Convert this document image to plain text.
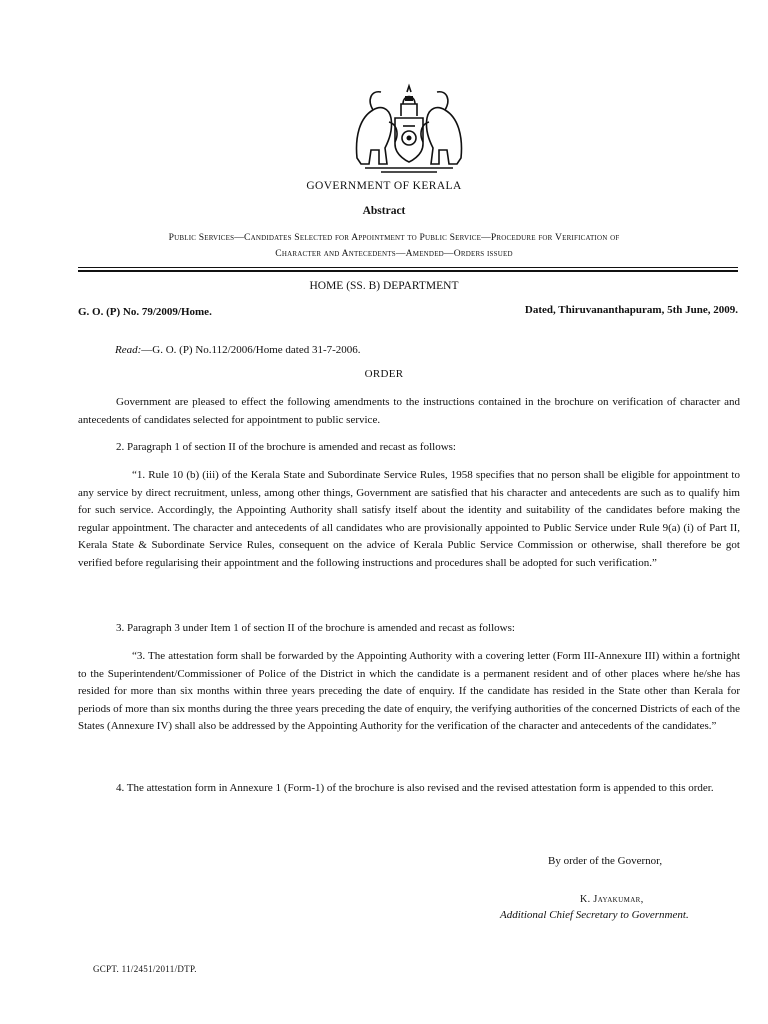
GOVERNMENT OF KERALA
Abstract
Public Services—Candidates Selected for Appointment to Public Service—Procedure for Verification of
Character and Antecedents—Amended—Orders issued
HOME (SS. B) DEPARTMENT
G. O. (P) No. 79/2009/Home.	Dated, Thiruvananthapuram, 5th June, 2009.
Read:—G. O. (P) No.112/2006/Home dated 31-7-2006.
ORDER
Government are pleased to effect the following amendments to the instructions contained in the brochure on verification of character and antecedents of candidates selected for appointment to public service.
2. Paragraph 1 of section II of the brochure is amended and recast as follows:
“1. Rule 10 (b) (iii) of the Kerala State and Subordinate Service Rules, 1958 specifies that no person shall be eligible for appointment to any service by direct recruitment, unless, among other things, Government are satisfied that his character and antecedents are such as to qualify him for such service. Accordingly, the Appointing Authority shall satisfy itself about the identity and suitability of the candidates before making the regular appointment. The character and antecedents of all candidates who are provisionally appointed to Public Service under Rule 9(a) (i) of Part II, Kerala State & Subordinate Service Rules, consequent on the advice of Kerala Public Service Commission or otherwise, shall therefore be got verified before regularising their appointment and the following instructions and procedures shall be adopted for such verification.”
3. Paragraph 3 under Item 1 of section II of the brochure is amended and recast as follows:
“3. The attestation form shall be forwarded by the Appointing Authority with a covering letter (Form III-Annexure III) within a fortnight to the Superintendent/Commissioner of Police of the District in which the candidate is a permanent resident and of other places where he/she has resided for more than six months within three years preceding the date of enquiry. If the candidate has resided in the State other than Kerala for periods of more than six months during the three years preceding the date of enquiry, the verifying authorities of the concerned Districts of each of the States (Annexure IV) shall also be addressed by the Appointing Authority for the verification of the character and antecedents of the candidates.”
4. The attestation form in Annexure 1 (Form-1) of the brochure is also revised and the revised attestation form is appended to this order.
By order of the Governor,
K. Jayakumar,
Additional Chief Secretary to Government.
GCPT. 11/2451/2011/DTP.
